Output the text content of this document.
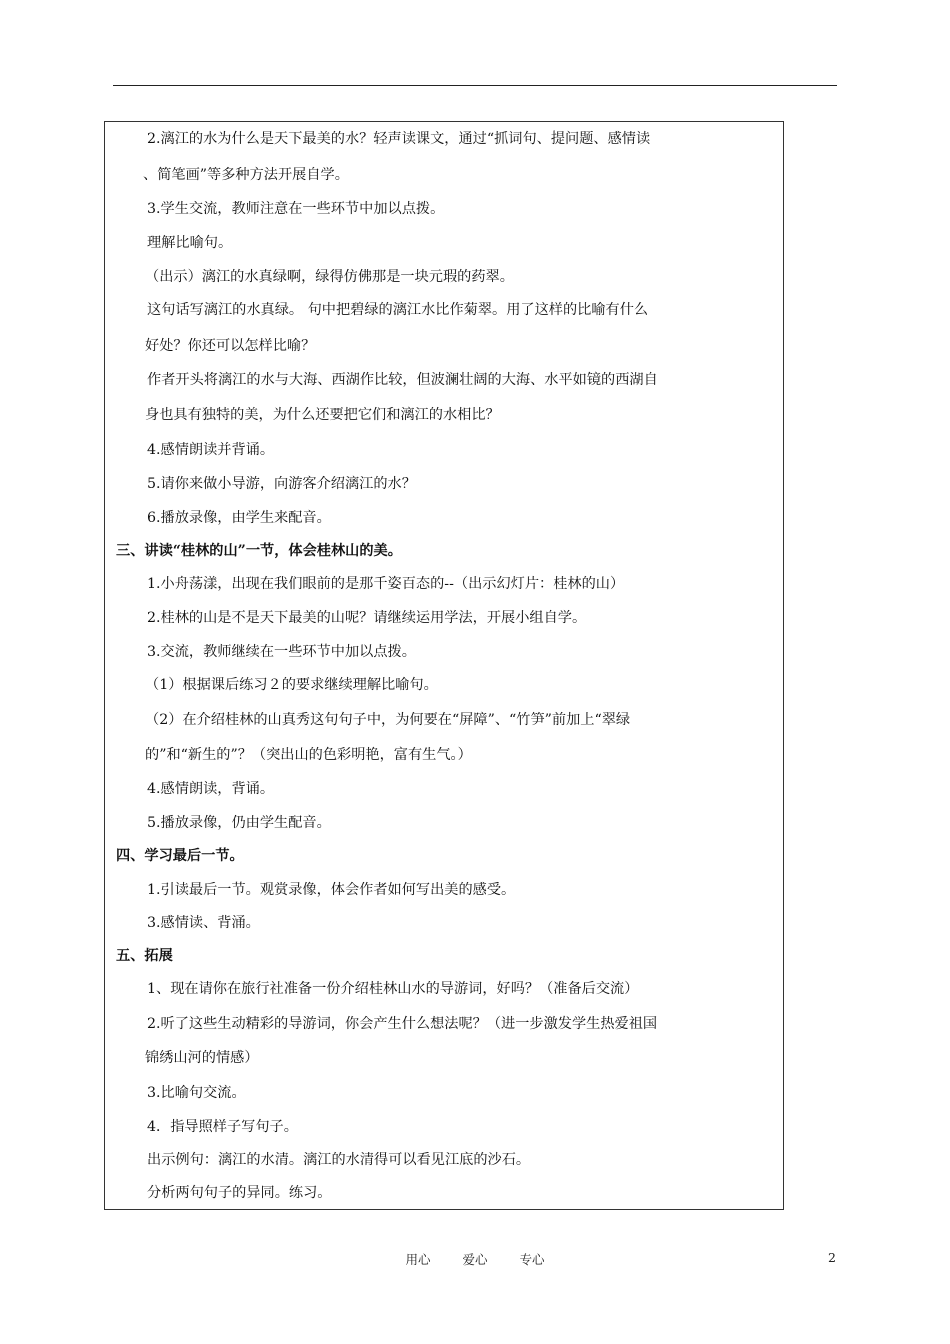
2.漓江的水为什么是天下最美的水？轻声读课文，通过“抓词句、提问题、感情读
、简笔画”等多种方法开展自学。
3.学生交流，教师注意在一些环节中加以点拨。
理解比喻句。
（出示）漓江的水真绿啊，绿得仿佛那是一块元瑕的药翠。
这句话写漓江的水真绿。 句中把碧绿的漓江水比作菊翠。用了这样的比喻有什么
好处？你还可以怎样比喻？
作者开头将漓江的水与大海、西湖作比较，但波澜壮阔的大海、水平如镜的西湖自
身也具有独特的美，为什么还要把它们和漓江的水相比？
4.感情朗读并背诵。
5.请你来做小导游，向游客介绍漓江的水？
6.播放录像，由学生来配音。
三、讲读“桂林的山”一节，体会桂林山的美。
1.小舟荡漾，出现在我们眼前的是那千姿百态的--（出示幻灯片：桂林的山）
2.桂林的山是不是天下最美的山呢？请继续运用学法，开展小组自学。
3.交流，教师继续在一些环节中加以点拨。
（1）根据课后练习２的要求继续理解比喻句。
（2）在介绍桂林的山真秀这句句子中，为何要在“屏障”、“竹笋”前加上“翠绿
的”和“新生的”？（突出山的色彩明艳，富有生气。）
4.感情朗读，背诵。
5.播放录像，仍由学生配音。
四、学习最后一节。
1.引读最后一节。观赏录像，体会作者如何写出美的感受。
3.感情读、背涌。
五、拓展
1、现在请你在旅行社准备一份介绍桂林山水的导游词，好吗？（准备后交流）
2.听了这些生动精彩的导游词，你会产生什么想法呢？（进一步激发学生热爱祖国
锦绣山河的情感）
3.比喻句交流。
4．指导照样子写句子。
出示例句：漓江的水清。漓江的水清得可以看见江底的沙石。
分析两句句子的异同。练习。
用心	爱心	专心	2
